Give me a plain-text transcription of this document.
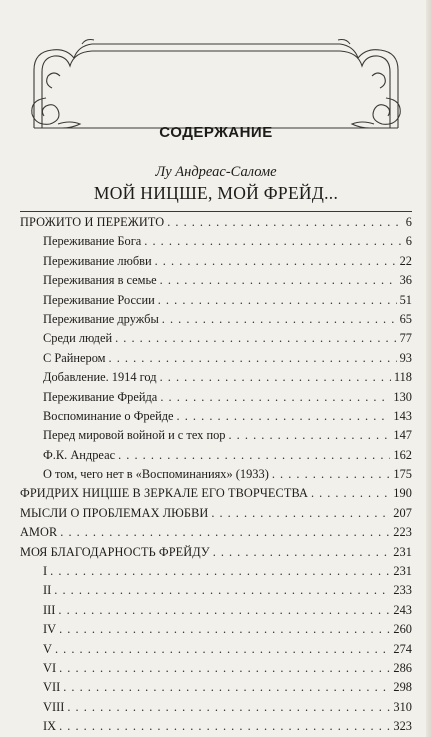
СОДЕРЖАНИЕ
Лу Андреас-Саломе
МОЙ НИЦШЕ, МОЙ ФРЕЙД...
ПРОЖИТО И ПЕРЕЖИТО . . .	6
Переживание Бога . . .	6
Переживание любви . . .	22
Переживания в семье . . .	36
Переживание России . . .	51
Переживание дружбы . . .	65
Среди людей . . .	77
С Райнером . . .	93
Добавление. 1914 год . . .	118
Переживание Фрейда . . .	130
Воспоминание о Фрейде . . .	143
Перед мировой войной и с тех пор . . .	147
Ф.К. Андреас . . .	162
О том, чего нет в «Воспоминаниях» (1933) . . .	175
ФРИДРИХ НИЦШЕ В ЗЕРКАЛЕ ЕГО ТВОРЧЕСТВА . . .	190
МЫСЛИ О ПРОБЛЕМАХ ЛЮБВИ . . .	207
AMOR . . .	223
МОЯ БЛАГОДАРНОСТЬ ФРЕЙДУ . . .	231
I . . .	231
II . . .	233
III . . .	243
IV . . .	260
V . . .	274
VI . . .	286
VII . . .	298
VIII . . .	310
IX . . .	323
